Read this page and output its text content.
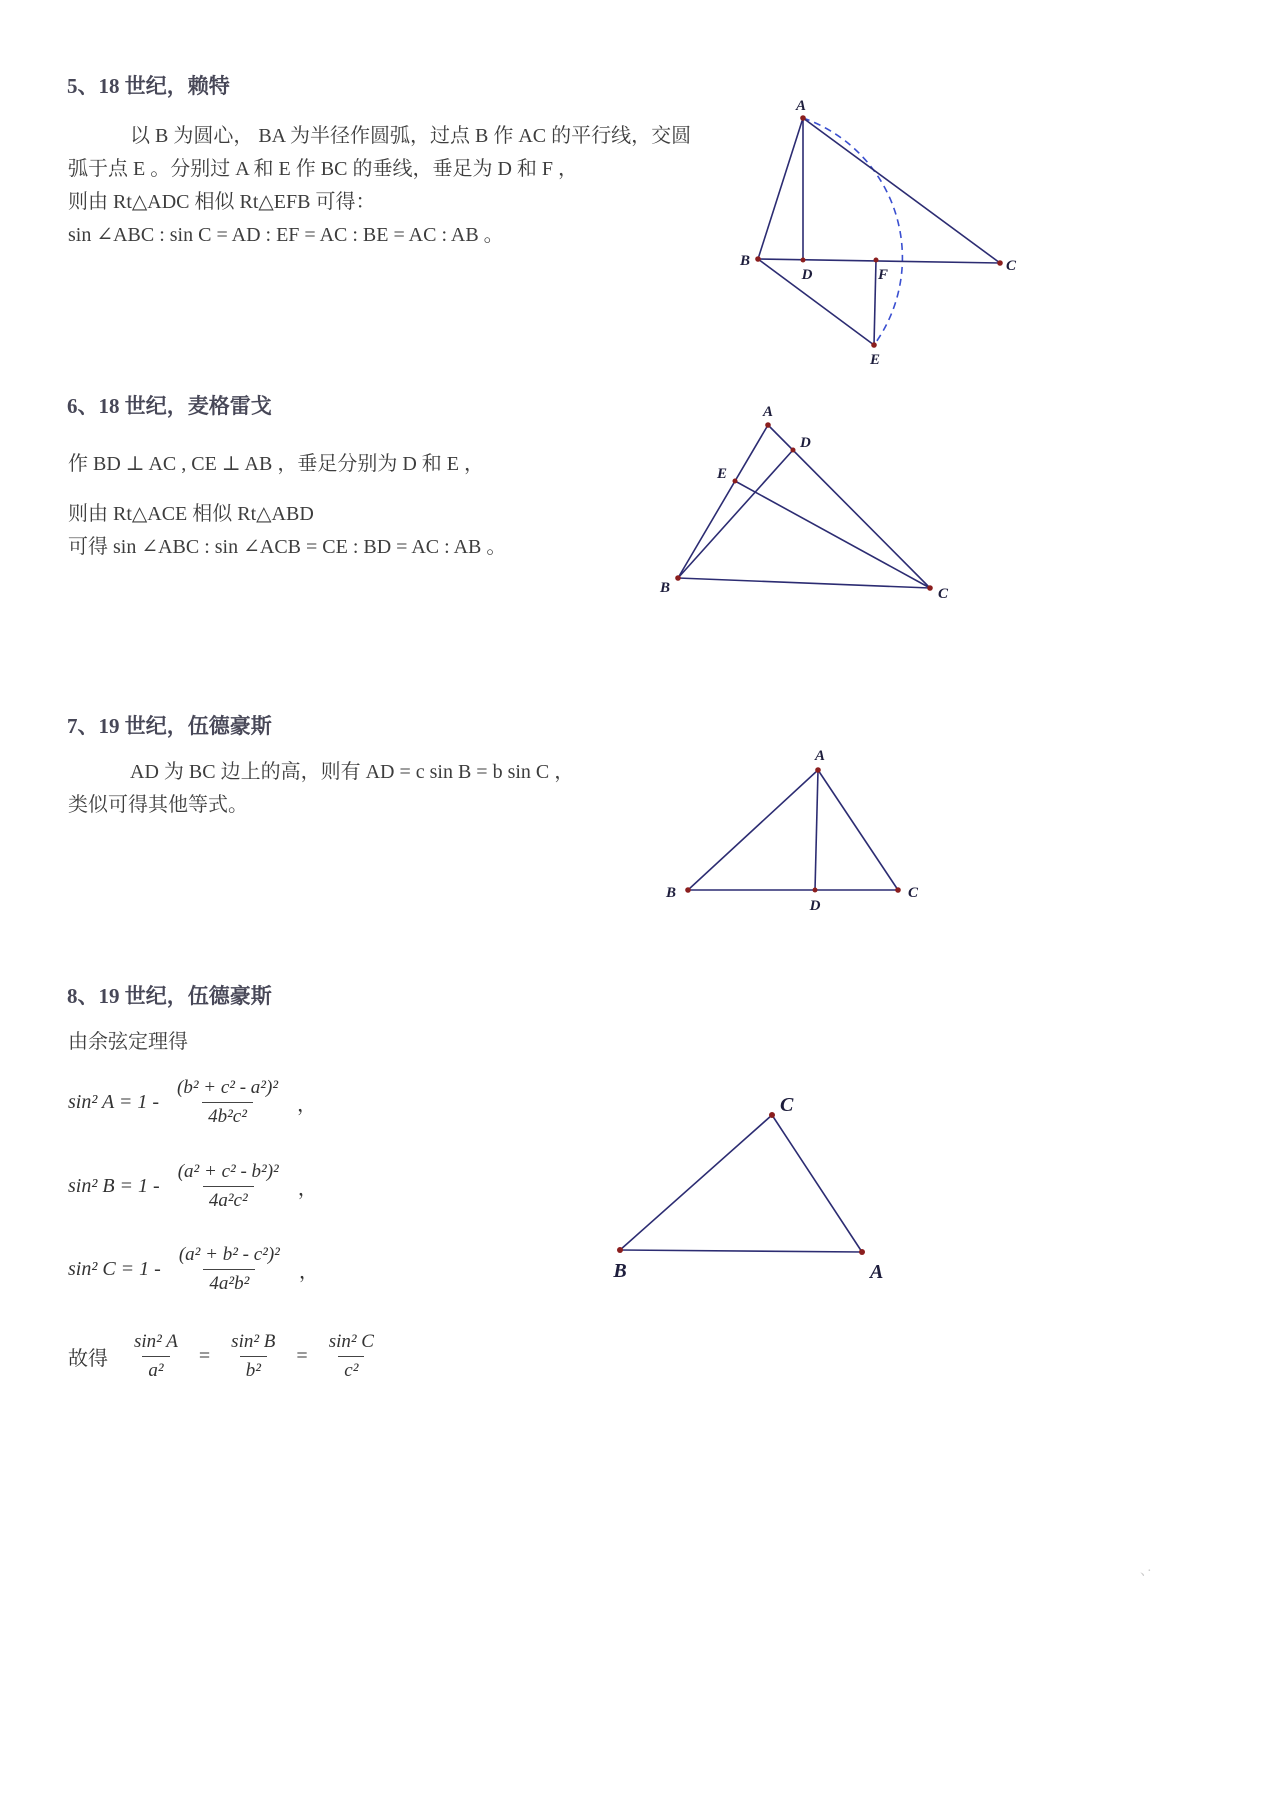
5、18 世纪，赖特
以 B 为圆心， BA 为半径作圆弧，过点 B 作 AC 的平行线，交圆
弧于点 E 。分别过 A 和 E 作 BC 的垂线，垂足为 D 和 F ，
则由 Rt△ADC 相似 Rt△EFB 可得：
sin ∠ABC : sin C = AD : EF = AC : BE = AC : AB 。
A
B	C
D	F
E
6、18 世纪，麦格雷戈
作 BD ⊥ AC , CE ⊥ AB ，垂足分别为 D 和 E ，
则由 Rt△ACE 相似 Rt△ABD
可得 sin ∠ABC : sin ∠ACB = CE : BD = AC : AB 。
A
B	C
D
E
7、19 世纪，伍德豪斯
AD 为 BC 边上的高，则有 AD = c sin B = b sin C ，
类似可得其他等式。
A
B	C
D
8、19 世纪，伍德豪斯
由余弦定理得
sin² $A = 1 - \frac{\text{(b² + c² - a²)²}}{\text{4b²c²}}$ ，
sin² $B = 1 - \frac{\text{(a² + c² - b²)²}}{\text{4a²c²}}$ ，
sin² $C = 1 - \frac{\text{(a² + b² - c²)²}}{\text{4a²b²}}$ ，
故得 $\frac{\text{sin² A}}{\text{a²}} = \frac{\text{sin² B}}{\text{b²}} = \frac{\text{sin² C}}{\text{c²}}$
C
B	A
、·
